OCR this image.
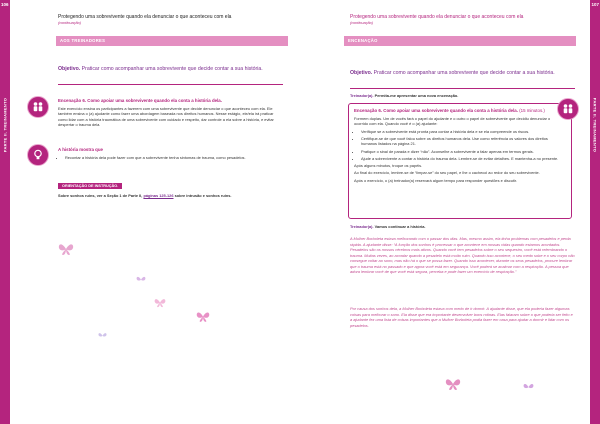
106
PARTE II. TREINAMENTO
Protegendo uma sobrevivente quando ela denunciar o que aconteceu com ela
(continuação)
AOS TREINADORES
Objetivo. Praticar como acompanhar uma sobrevivente que decide contar a sua história.

Encenação 6. Como apoiar uma sobrevivente quando ela conta a história dela.

Este exercício ensina os participantes a fazerem com uma sobrevivente que decide denunciar o que aconteceu com ela. Ele também ensina o (a) ajudante como fazer uma abordagem baseada nos direitos humanos. Nesse estágio, ele/ela irá praticar como lidar com a história traumática de uma sobrevivente com cuidado e respeito, dar controle a ela sobre a história, e evitar despertar o trauma dela.

A história mostra que

• Recontar a história dela pode fazer com que a sobrevivente tenha sintomas de trauma, como pesadelos.
ORIENTAÇÃO DE INSTRUÇÃO.
Sobre sonhos ruins, ver a Seção 1 de Parte II, páginas 125-126 sobre intrusão e sonhos ruins.
107
PARTE II. TREINAMENTO
Protegendo uma sobrevivente quando ela denunciar o que aconteceu com ela
(continuação)
ENCENAÇÃO
Objetivo. Praticar como acompanhar uma sobrevivente que decide contar a sua história.
Treinador(a). Permita-me apresentar uma nova encenação.

Encenação 6. Como apoiar uma sobrevivente quando ela conta a história dela. (15 minutos.)

Formem duplas. Um de vocês fará o papel do ajudante e o outro o papel de sobrevivente que decidiu denunciar o ocorrido com ela. Quando você é o (a) ajudante:

• Verifique se a sobrevivente está pronta para contar a história dela e se ela compreende os riscos.
• Certifique-se de que você falou sobre os direitos humanos dela. Use como referência os valores dos direitos humanos listados na página 21.
• Pratique o sinal de parada e dizer “não”. Aconselhe a sobrevivente a falar apenas em termos gerais.
• Ajude a sobrevivente a contar a história do trauma dela. Lembre-se de evitar detalhes. E mantenha-a no presente.

Após alguns minutos, troque os papéis.

Ao final do exercício, lembre-se de “limpar-se” do seu papel, e lhe o cachecol ao redor do seu sobrevivente.

Após o exercício, o (a) treinador(a) reservará algum tempo para responder questões e discutir.

Treinador(a). Vamos continuar a história.
A Mulher Borboleta estava melhorando com o passar dos dias. Mas, mesmo assim, ela tinha problemas com pesadelos e perda rápida. A ajudante disse: “A função dos sonhos é processar o que acontece em nossas vidas quando estamos acordados. Pesadelos são os nossos cérebros mais ativos. Quando você tem pesadelos sobre o seu sequestro, você está relembrando o trauma. Muitas vezes, ao acordar quando a pesadelo está muito ruim. Quando isso acontece, o seu medo sobe e o seu corpo não consegue voltar ao sono, mas não há o que se possa fazer. Quando isso acontecer, durante os seus pesadelos, procure lembrar que o trauma está no passado e que agora você está em segurança. Você poderá se acalmar com a respiração. A pessoa que adora lembrar você de que você está segura, perceba e pode fazer um exercício de respiração.”
Por causa dos sonhos dela, a Mulher Borboleta estava com medo de ir dormir. A ajudante disse, que ela poderia fazer algumas coisas para melhorar o sono. Ela disse que era importante desenvolver bons rotinas. Elas falaram sobre o que poderia ser feito e a ajudante fez uma lista de coisas importantes que a Mulher Borboleta podia fazer em casa para ajudar a dormir e lidar com os pesadelos.
